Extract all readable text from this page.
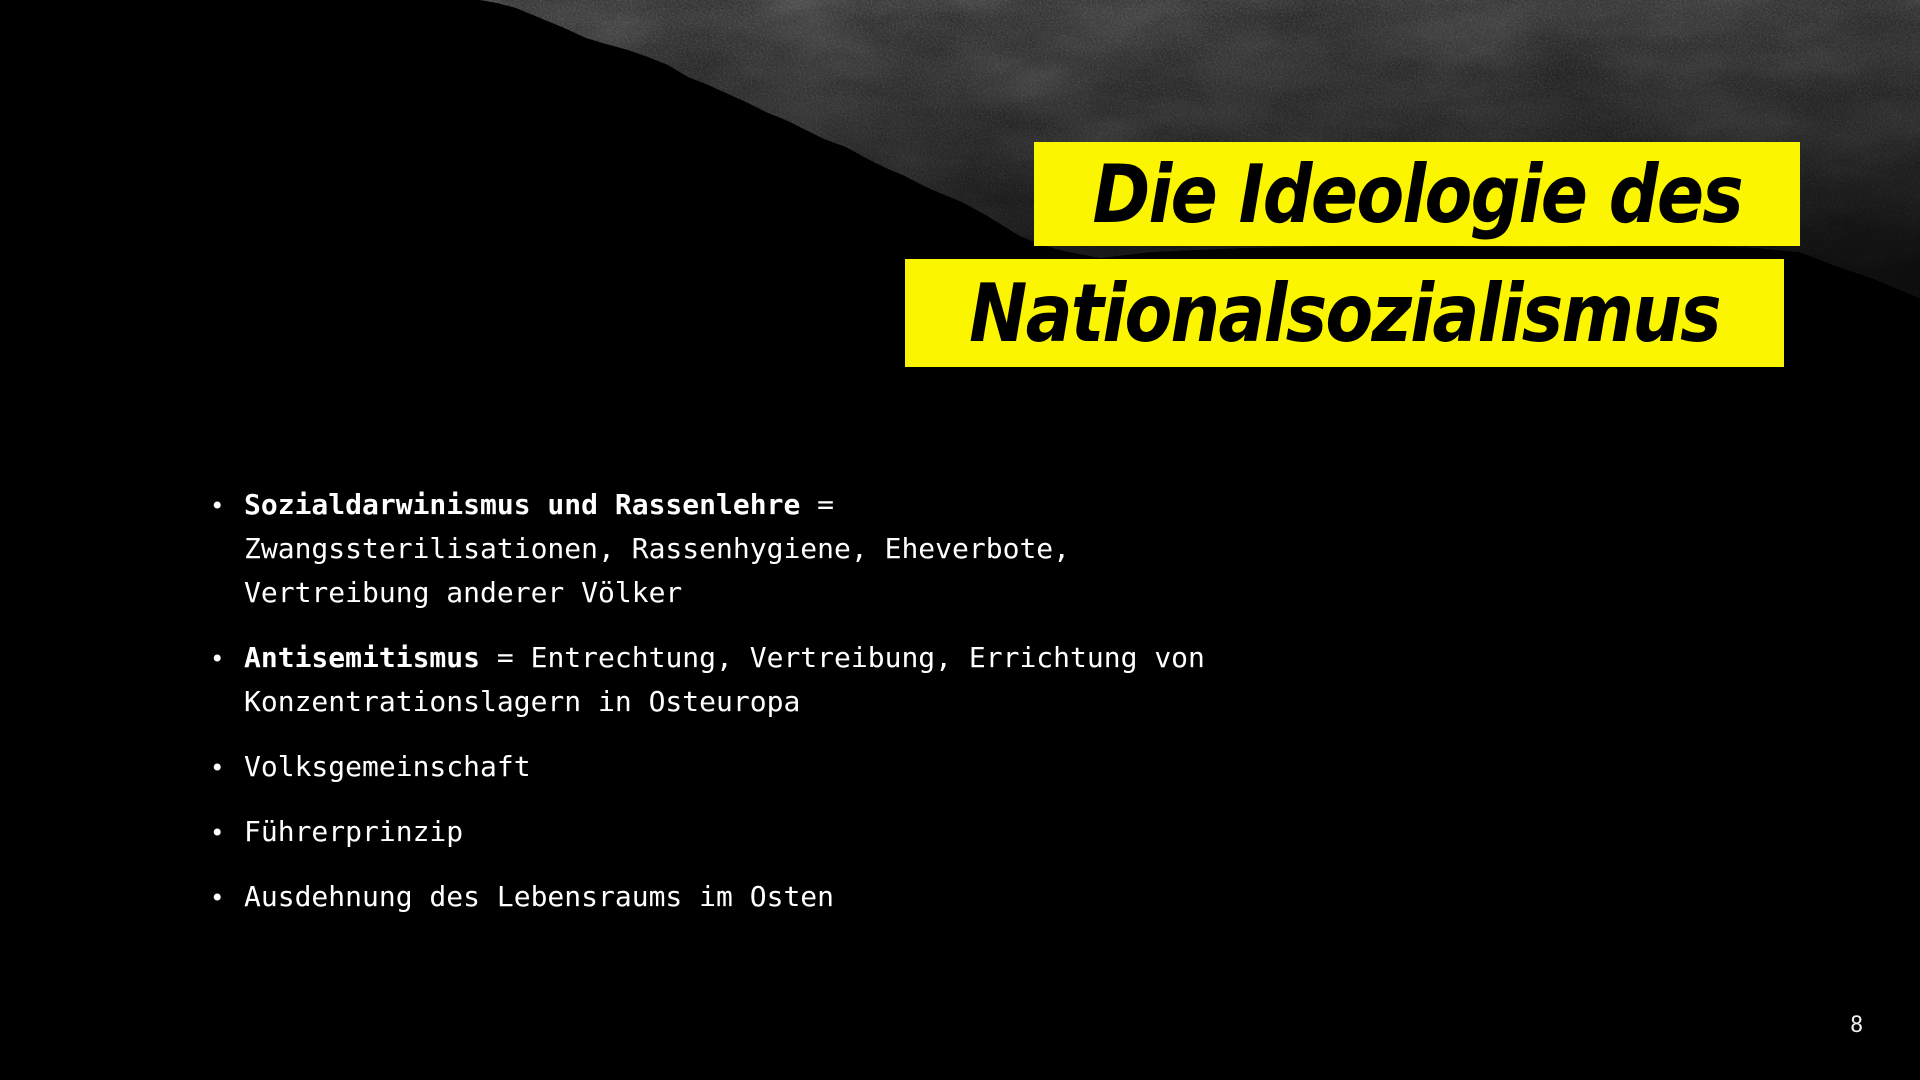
Die Ideologie des
Nationalsozialismus
• Sozialdarwinismus und Rassenlehre =
Zwangssterilisationen, Rassenhygiene, Eheverbote,
Vertreibung anderer Völker
• Antisemitismus = Entrechtung, Vertreibung, Errichtung von
Konzentrationslagern in Osteuropa
• Volksgemeinschaft
• Führerprinzip
• Ausdehnung des Lebensraums im Osten
8
